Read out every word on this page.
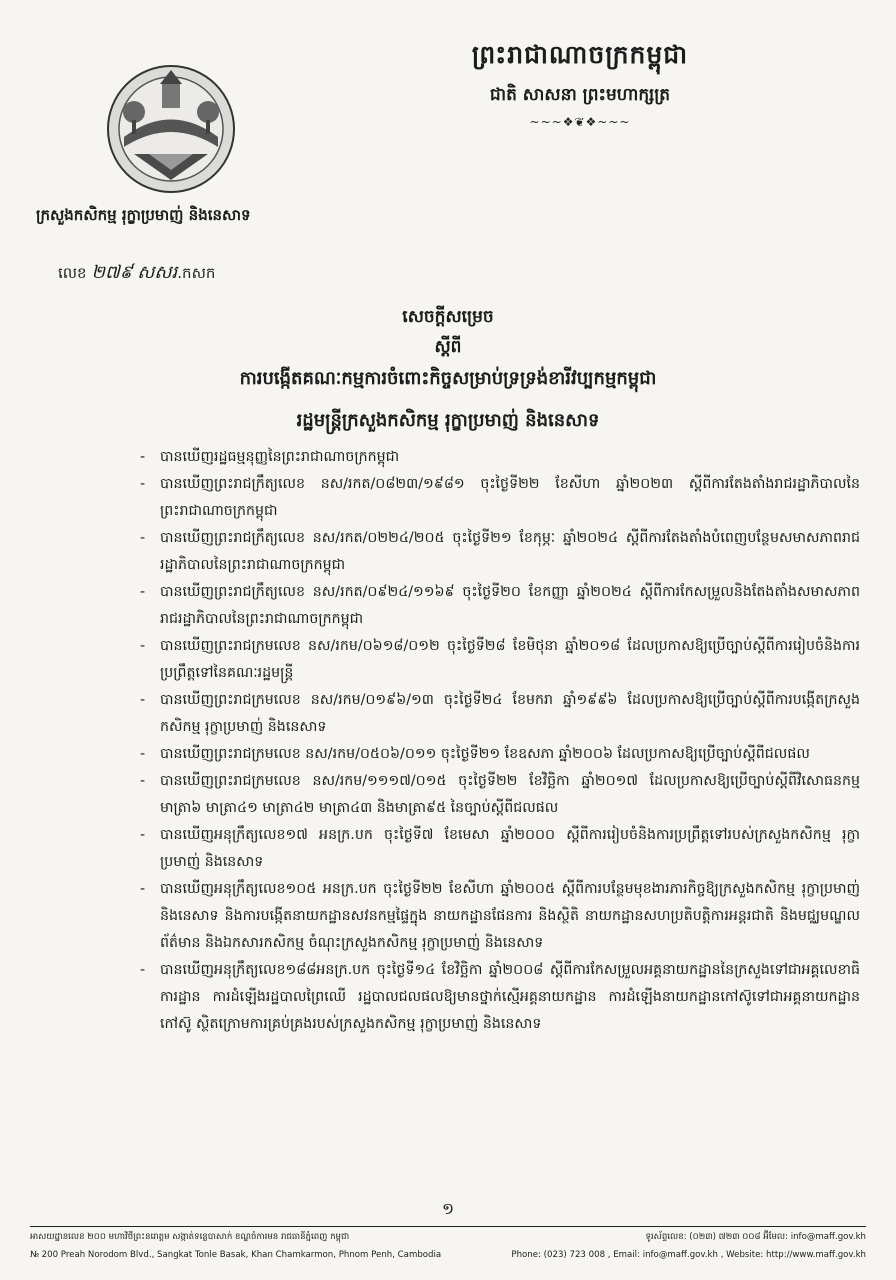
ព្រះរាជាណាចក្រកម្ពុជា
ជាតិ សាសនា ព្រះមហាក្សត្រ
~~~❖❦❖~~~
ក្រសួងកសិកម្ម រុក្ខាប្រមាញ់ និងនេសាទ
លេខ ២៧៩ សសរ.កសក
សេចក្ដីសម្រេច
ស្ដីពី
ការបង្កើតគណៈកម្មការចំពោះកិច្ចសម្រាប់ទ្រទ្រង់ខារីវប្បកម្មកម្ពុជា
រដ្ឋមន្ត្រីក្រសួងកសិកម្ម រុក្ខាប្រមាញ់ និងនេសាទ
- បានឃើញរដ្ឋធម្មនុញ្ញនៃព្រះរាជាណាចក្រកម្ពុជា
- បានឃើញព្រះរាជក្រឹត្យលេខ នស/រកត/០៨២៣/១៩៨១ ចុះថ្ងៃទី២២ ខែសីហា ឆ្នាំ២០២៣ ស្ដីពីការតែងតាំងរាជរដ្ឋាភិបាលនៃព្រះរាជាណាចក្រកម្ពុជា
- បានឃើញព្រះរាជក្រឹត្យលេខ នស/រកត/០២២៤/២០៥ ចុះថ្ងៃទី២១ ខែកុម្ភៈ ឆ្នាំ២០២៤ ស្ដីពីការតែងតាំងបំពេញបន្ថែមសមាសភាពរាជរដ្ឋាភិបាលនៃព្រះរាជាណាចក្រកម្ពុជា
- បានឃើញព្រះរាជក្រឹត្យលេខ នស/រកត/០៩២៤/១១៦៩ ចុះថ្ងៃទី២០ ខែកញ្ញា ឆ្នាំ២០២៤ ស្ដីពីការកែសម្រួលនិងតែងតាំងសមាសភាពរាជរដ្ឋាភិបាលនៃព្រះរាជាណាចក្រកម្ពុជា
- បានឃើញព្រះរាជក្រមលេខ នស/រកម/០៦១៨/០១២ ចុះថ្ងៃទី២៨ ខែមិថុនា ឆ្នាំ២០១៨ ដែលប្រកាសឱ្យប្រើច្បាប់ស្ដីពីការរៀបចំនិងការប្រព្រឹត្តទៅនៃគណៈរដ្ឋមន្ត្រី
- បានឃើញព្រះរាជក្រមលេខ នស/រកម/០១៩៦/១៣ ចុះថ្ងៃទី២៤ ខែមករា ឆ្នាំ១៩៩៦ ដែលប្រកាសឱ្យប្រើច្បាប់ស្ដីពីការបង្កើតក្រសួងកសិកម្ម រុក្ខាប្រមាញ់ និងនេសាទ
- បានឃើញព្រះរាជក្រមលេខ នស/រកម/០៥០៦/០១១ ចុះថ្ងៃទី២១ ខែឧសភា ឆ្នាំ២០០៦ ដែលប្រកាសឱ្យប្រើច្បាប់ស្ដីពីជលផល
- បានឃើញព្រះរាជក្រមលេខ នស/រកម/១១១៧/០១៥ ចុះថ្ងៃទី២២ ខែវិច្ឆិកា ឆ្នាំ២០១៧ ដែលប្រកាសឱ្យប្រើច្បាប់ស្ដីពីវិសោធនកម្មមាត្រា៦ មាត្រា៤១ មាត្រា៤២ មាត្រា៤៣ និងមាត្រា៩៥ នៃច្បាប់ស្ដីពីជលផល
- បានឃើញអនុក្រឹត្យលេខ១៧ អនក្រ.បក ចុះថ្ងៃទី៧ ខែមេសា ឆ្នាំ២០០០ ស្ដីពីការរៀបចំនិងការប្រព្រឹត្តទៅរបស់ក្រសួងកសិកម្ម រុក្ខាប្រមាញ់ និងនេសាទ
- បានឃើញអនុក្រឹត្យលេខ១០៥ អនក្រ.បក ចុះថ្ងៃទី២២ ខែសីហា ឆ្នាំ២០០៥ ស្ដីពីការបន្ថែមមុខងារភារកិច្ចឱ្យក្រសួងកសិកម្ម រុក្ខាប្រមាញ់ និងនេសាទ និងការបង្កើតនាយកដ្ឋានសវនកម្មផ្ទៃក្នុង នាយកដ្ឋានផែនការ និងស្ថិតិ នាយកដ្ឋានសហប្រតិបត្តិការអន្តរជាតិ និងមជ្ឈមណ្ឌលព័ត៌មាន និងឯកសារកសិកម្ម ចំណុះក្រសួងកសិកម្ម រុក្ខាប្រមាញ់ និងនេសាទ
- បានឃើញអនុក្រឹត្យលេខ១៨៨អនក្រ.បក ចុះថ្ងៃទី១៤ ខែវិច្ឆិកា ឆ្នាំ២០០៨ ស្ដីពីការកែសម្រួលអគ្គនាយកដ្ឋាននៃក្រសួងទៅជាអគ្គលេខាធិការដ្ឋាន ការដំឡើងរដ្ឋបាលព្រៃឈើ រដ្ឋបាលជលផលឱ្យមានថ្នាក់ស្មើអគ្គនាយកដ្ឋាន ការដំឡើងនាយកដ្ឋានកៅស៊ូទៅជាអគ្គនាយកដ្ឋានកៅស៊ូ ស្ថិតក្រោមការគ្រប់គ្រងរបស់ក្រសួងកសិកម្ម រុក្ខាប្រមាញ់ និងនេសាទ
១
អាសយដ្ឋានលេខ ២០០ មហាវិថីព្រះនរោត្តម សង្កាត់ទន្លេបាសាក់ ខណ្ឌចំការមន រាជធានីភ្នំពេញ កម្ពុជា	ទូរស័ព្ទលេខ: (០២៣) ៧២៣ ០០៨ អ៊ីមែល: info@maff.gov.kh
№ 200 Preah Norodom Blvd., Sangkat Tonle Basak, Khan Chamkarmon, Phnom Penh, Cambodia	Phone: (023) 723 008 , Email: info@maff.gov.kh , Website: http://www.maff.gov.kh
